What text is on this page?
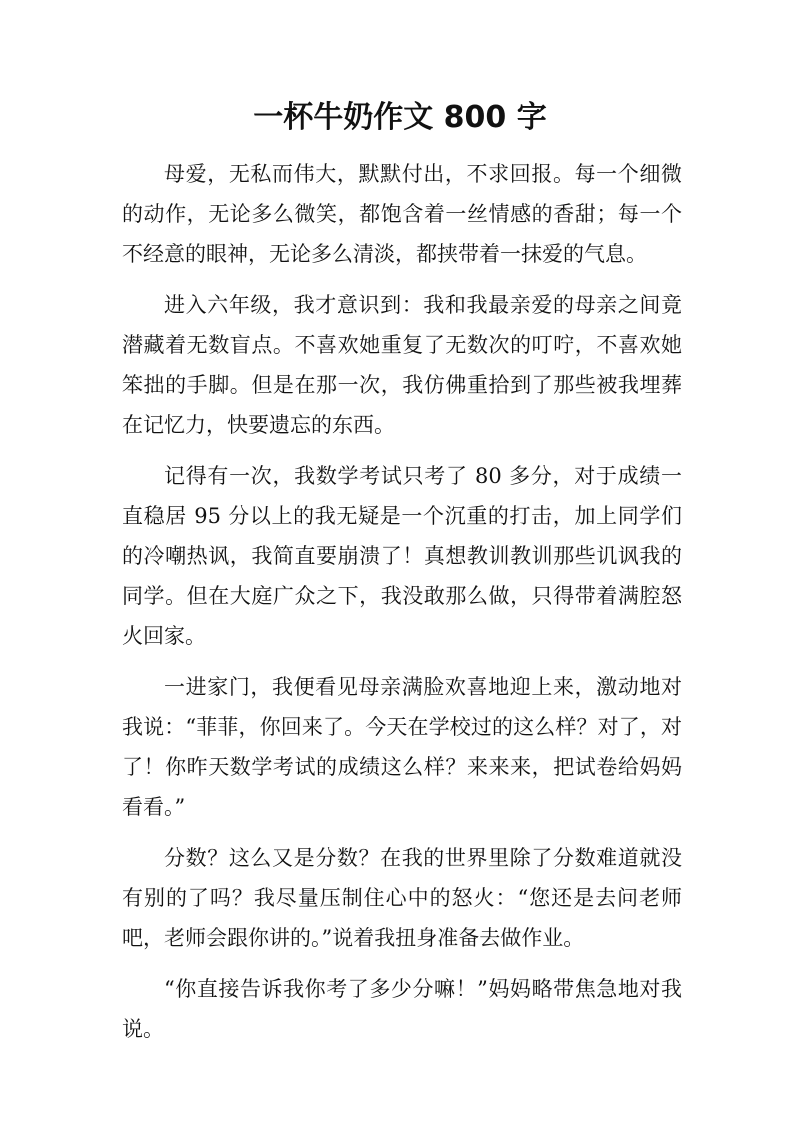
一杯牛奶作文 800 字

母爱，无私而伟大，默默付出，不求回报。每一个细微的动作，无论多么微笑，都饱含着一丝情感的香甜；每一个不经意的眼神，无论多么清淡，都挟带着一抹爱的气息。

进入六年级，我才意识到：我和我最亲爱的母亲之间竟潜藏着无数盲点。不喜欢她重复了无数次的叮咛，不喜欢她笨拙的手脚。但是在那一次，我仿佛重拾到了那些被我埋葬在记忆力，快要遗忘的东西。

记得有一次，我数学考试只考了 80 多分，对于成绩一直稳居 95 分以上的我无疑是一个沉重的打击，加上同学们的冷嘲热讽，我简直要崩溃了！真想教训教训那些讥讽我的同学。但在大庭广众之下，我没敢那么做，只得带着满腔怒火回家。

一进家门，我便看见母亲满脸欢喜地迎上来，激动地对我说：“菲菲，你回来了。今天在学校过的这么样？对了，对了！你昨天数学考试的成绩这么样？来来来，把试卷给妈妈看看。”

分数？这么又是分数？在我的世界里除了分数难道就没有别的了吗？我尽量压制住心中的怒火：“您还是去问老师吧，老师会跟你讲的。”说着我扭身准备去做作业。

“你直接告诉我你考了多少分嘛！”妈妈略带焦急地对我说。
